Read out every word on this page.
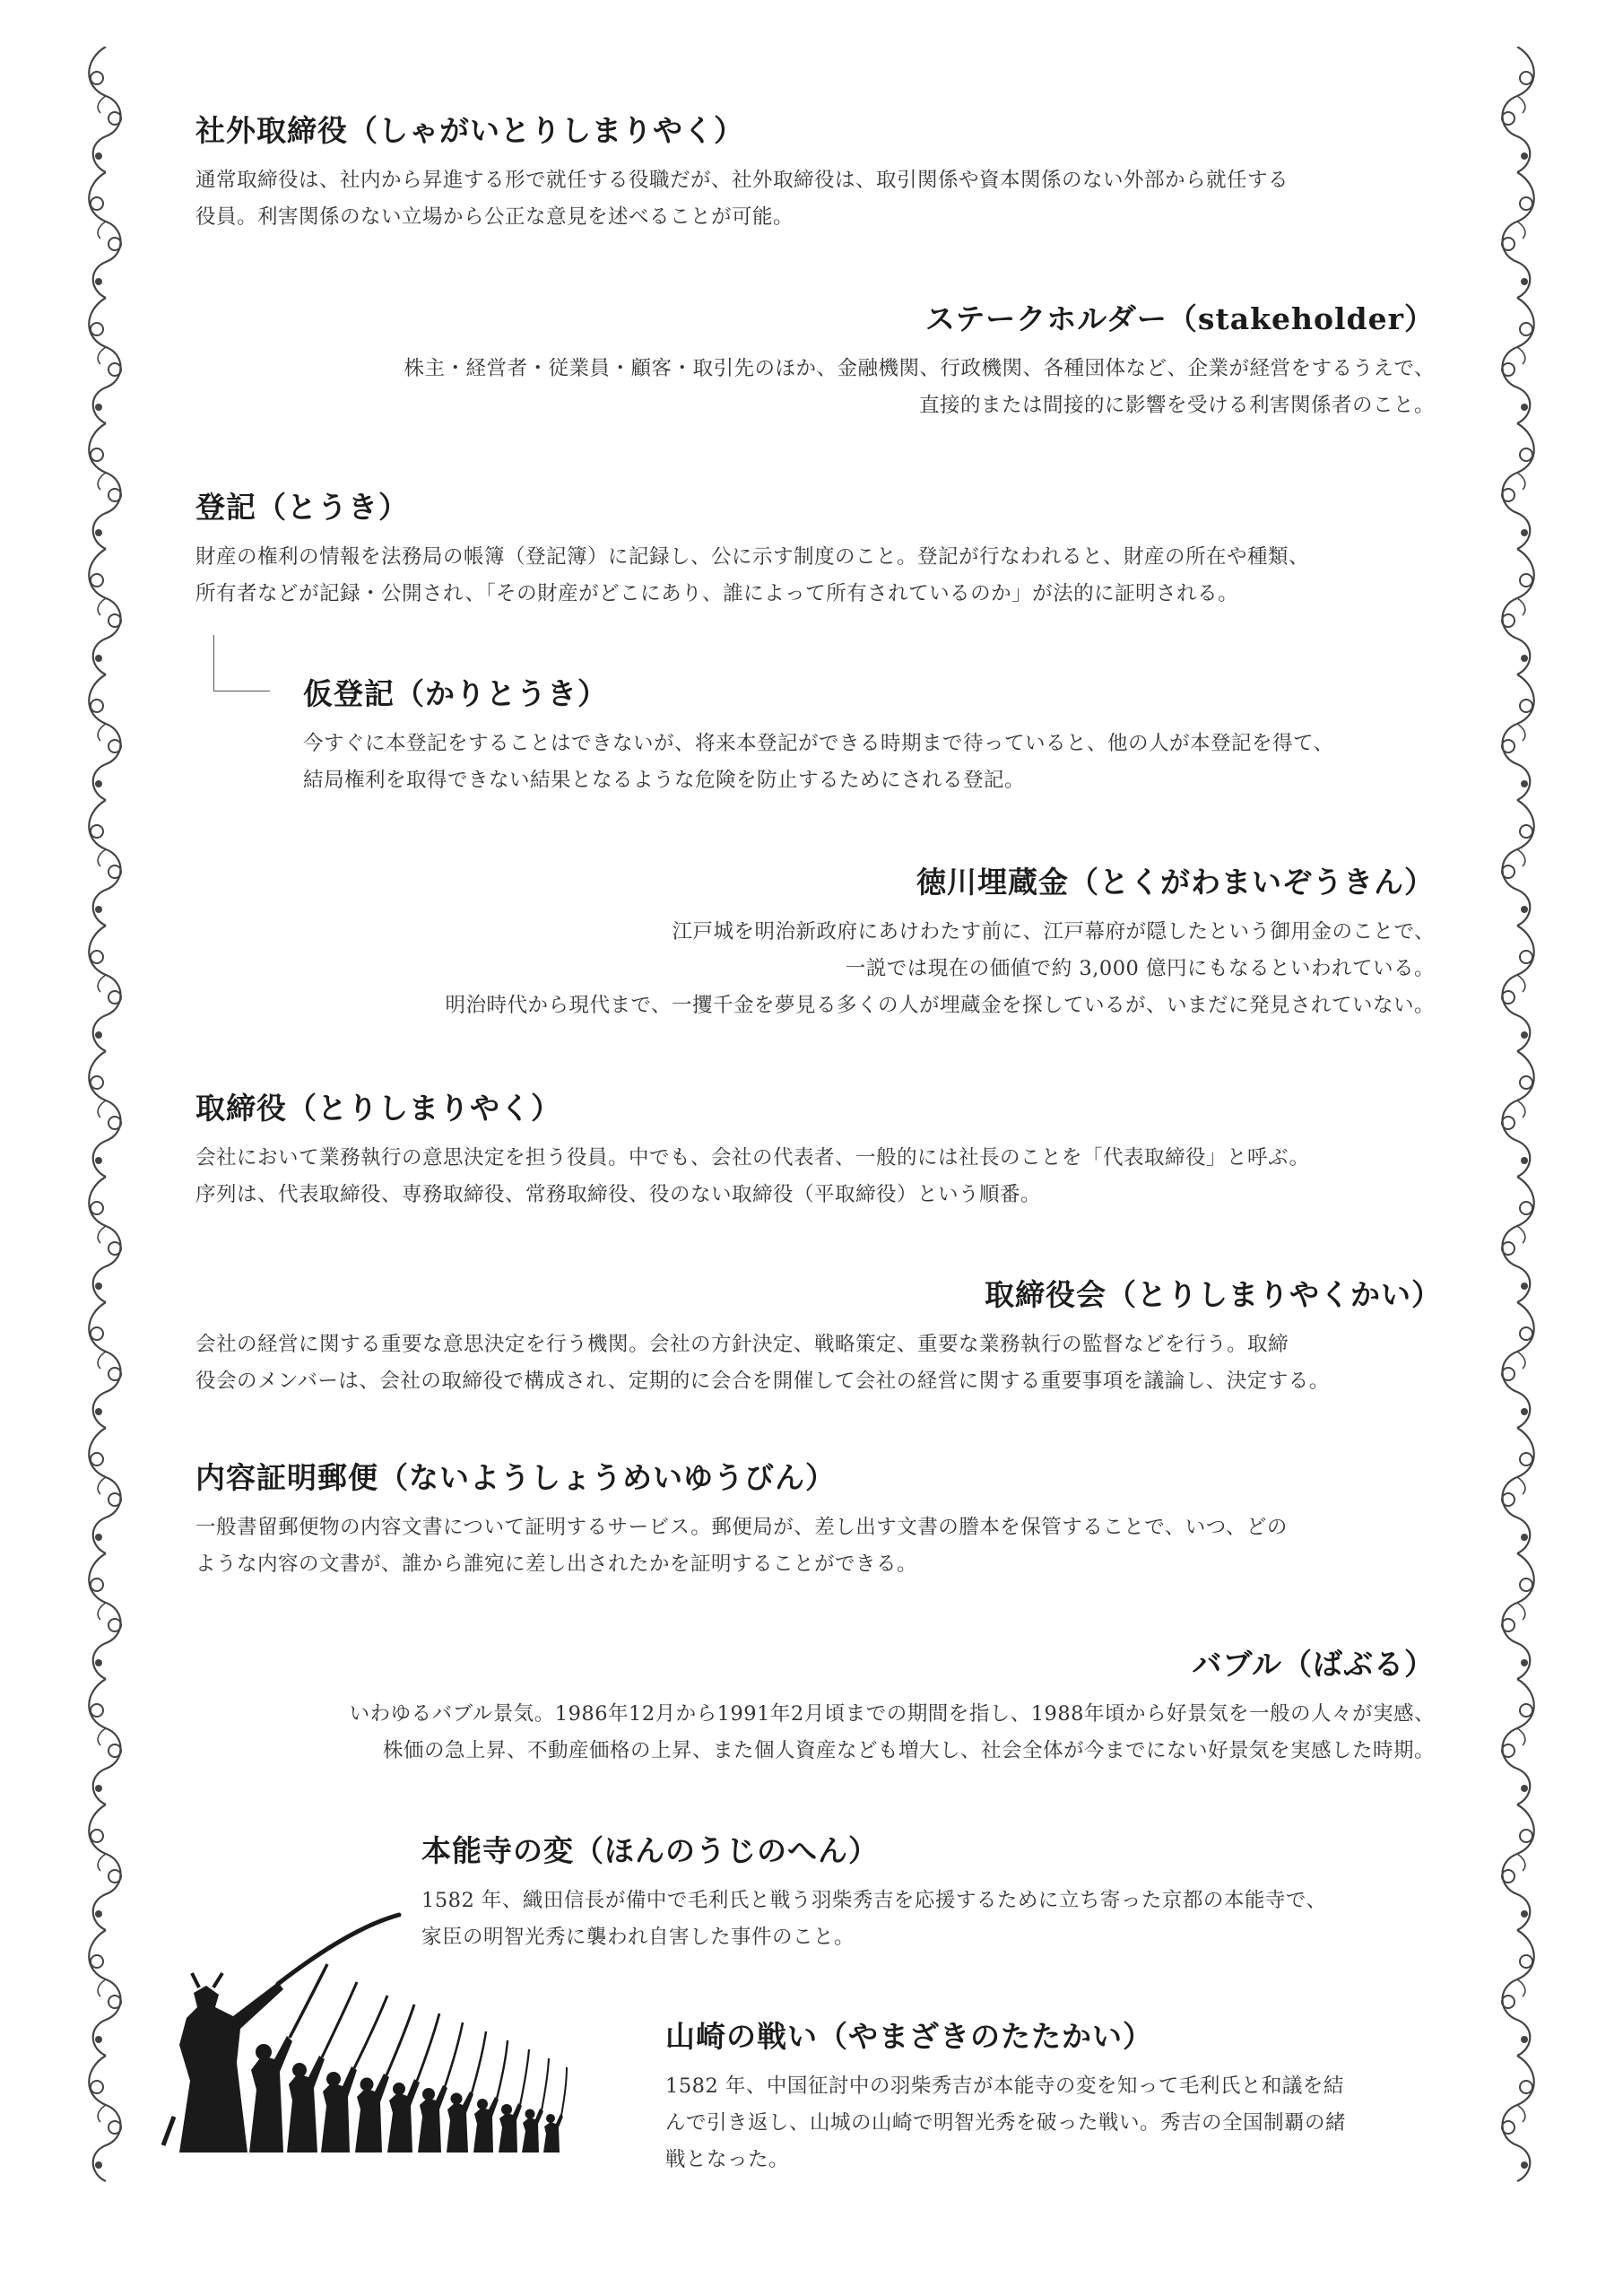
社外取締役（しゃがいとりしまりやく）

通常取締役は、社内から昇進する形で就任する役職だが、社外取締役は、取引関係や資本関係のない外部から就任する
役員。利害関係のない立場から公正な意見を述べることが可能。

ステークホルダー（stakeholder）

株主・経営者・従業員・顧客・取引先のほか、金融機関、行政機関、各種団体など、企業が経営をするうえで、
直接的または間接的に影響を受ける利害関係者のこと。

登記（とうき）

財産の権利の情報を法務局の帳簿（登記簿）に記録し、公に示す制度のこと。登記が行なわれると、財産の所在や種類、
所有者などが記録・公開され、「その財産がどこにあり、誰によって所有されているのか」が法的に証明される。

仮登記（かりとうき）

今すぐに本登記をすることはできないが、将来本登記ができる時期まで待っていると、他の人が本登記を得て、
結局権利を取得できない結果となるような危険を防止するためにされる登記。

徳川埋蔵金（とくがわまいぞうきん）

江戸城を明治新政府にあけわたす前に、江戸幕府が隠したという御用金のことで、
一説では現在の価値で約 3,000 億円にもなるといわれている。
明治時代から現代まで、一攫千金を夢見る多くの人が埋蔵金を探しているが、いまだに発見されていない。

取締役（とりしまりやく）

会社において業務執行の意思決定を担う役員。中でも、会社の代表者、一般的には社長のことを「代表取締役」と呼ぶ。
序列は、代表取締役、専務取締役、常務取締役、役のない取締役（平取締役）という順番。

取締役会（とりしまりやくかい）

会社の経営に関する重要な意思決定を行う機関。会社の方針決定、戦略策定、重要な業務執行の監督などを行う。取締
役会のメンバーは、会社の取締役で構成され、定期的に会合を開催して会社の経営に関する重要事項を議論し、決定する。

内容証明郵便（ないようしょうめいゆうびん）

一般書留郵便物の内容文書について証明するサービス。郵便局が、差し出す文書の謄本を保管することで、いつ、どの
ような内容の文書が、誰から誰宛に差し出されたかを証明することができる。

バブル（ばぶる）

いわゆるバブル景気。1986年12月から1991年2月頃までの期間を指し、1988年頃から好景気を一般の人々が実感、
株価の急上昇、不動産価格の上昇、また個人資産なども増大し、社会全体が今までにない好景気を実感した時期。

本能寺の変（ほんのうじのへん）

1582 年、織田信長が備中で毛利氏と戦う羽柴秀吉を応援するために立ち寄った京都の本能寺で、
家臣の明智光秀に襲われ自害した事件のこと。

山崎の戦い（やまざきのたたかい）

1582 年、中国征討中の羽柴秀吉が本能寺の変を知って毛利氏と和議を結
んで引き返し、山城の山崎で明智光秀を破った戦い。秀吉の全国制覇の緒
戦となった。
